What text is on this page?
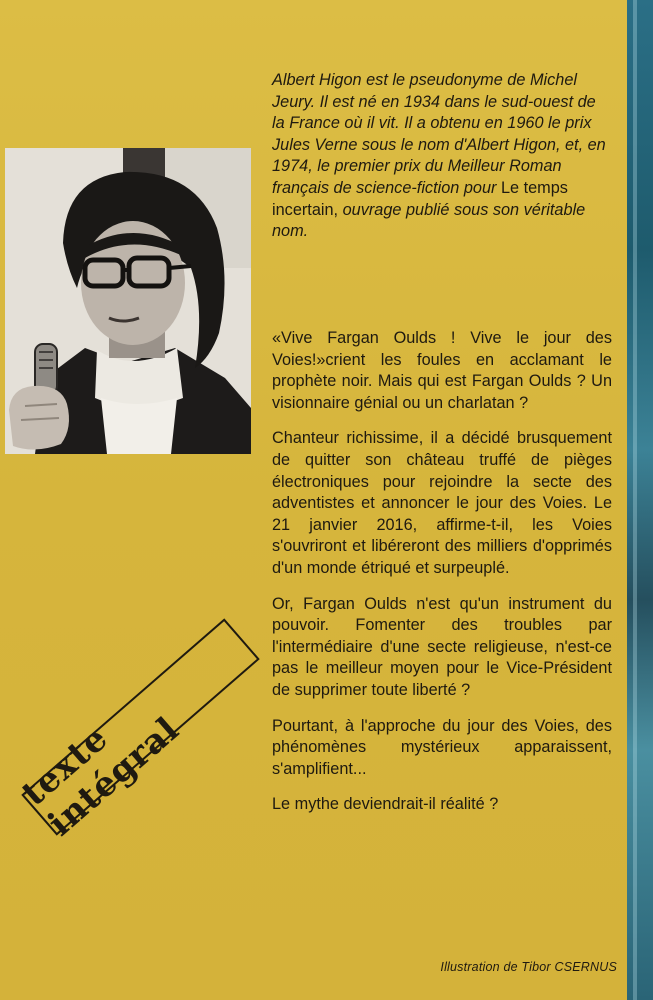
Albert Higon est le pseudonyme de Michel Jeury. Il est né en 1934 dans le sud-ouest de la France où il vit. Il a obtenu en 1960 le prix Jules Verne sous le nom d'Albert Higon, et, en 1974, le premier prix du Meilleur Roman français de science-fiction pour Le temps incertain, ouvrage publié sous son véritable nom.

«Vive Fargan Oulds ! Vive le jour des Voies!»crient les foules en acclamant le prophète noir. Mais qui est Fargan Oulds ? Un visionnaire génial ou un charlatan ?

Chanteur richissime, il a décidé brusquement de quitter son château truffé de pièges électroniques pour rejoindre la secte des adventistes et annoncer le jour des Voies. Le 21 janvier 2016, affirme-t-il, les Voies s'ouvriront et libéreront des milliers d'opprimés d'un monde étriqué et surpeuplé.

Or, Fargan Oulds n'est qu'un instrument du pouvoir. Fomenter des troubles par l'intermédiaire d'une secte religieuse, n'est-ce pas le meilleur moyen pour le Vice-Président de supprimer toute liberté ?

Pourtant, à l'approche du jour des Voies, des phénomènes mystérieux apparaissent, s'amplifient...

Le mythe deviendrait-il réalité ?

texte intégral
Illustration de Tibor CSERNUS
